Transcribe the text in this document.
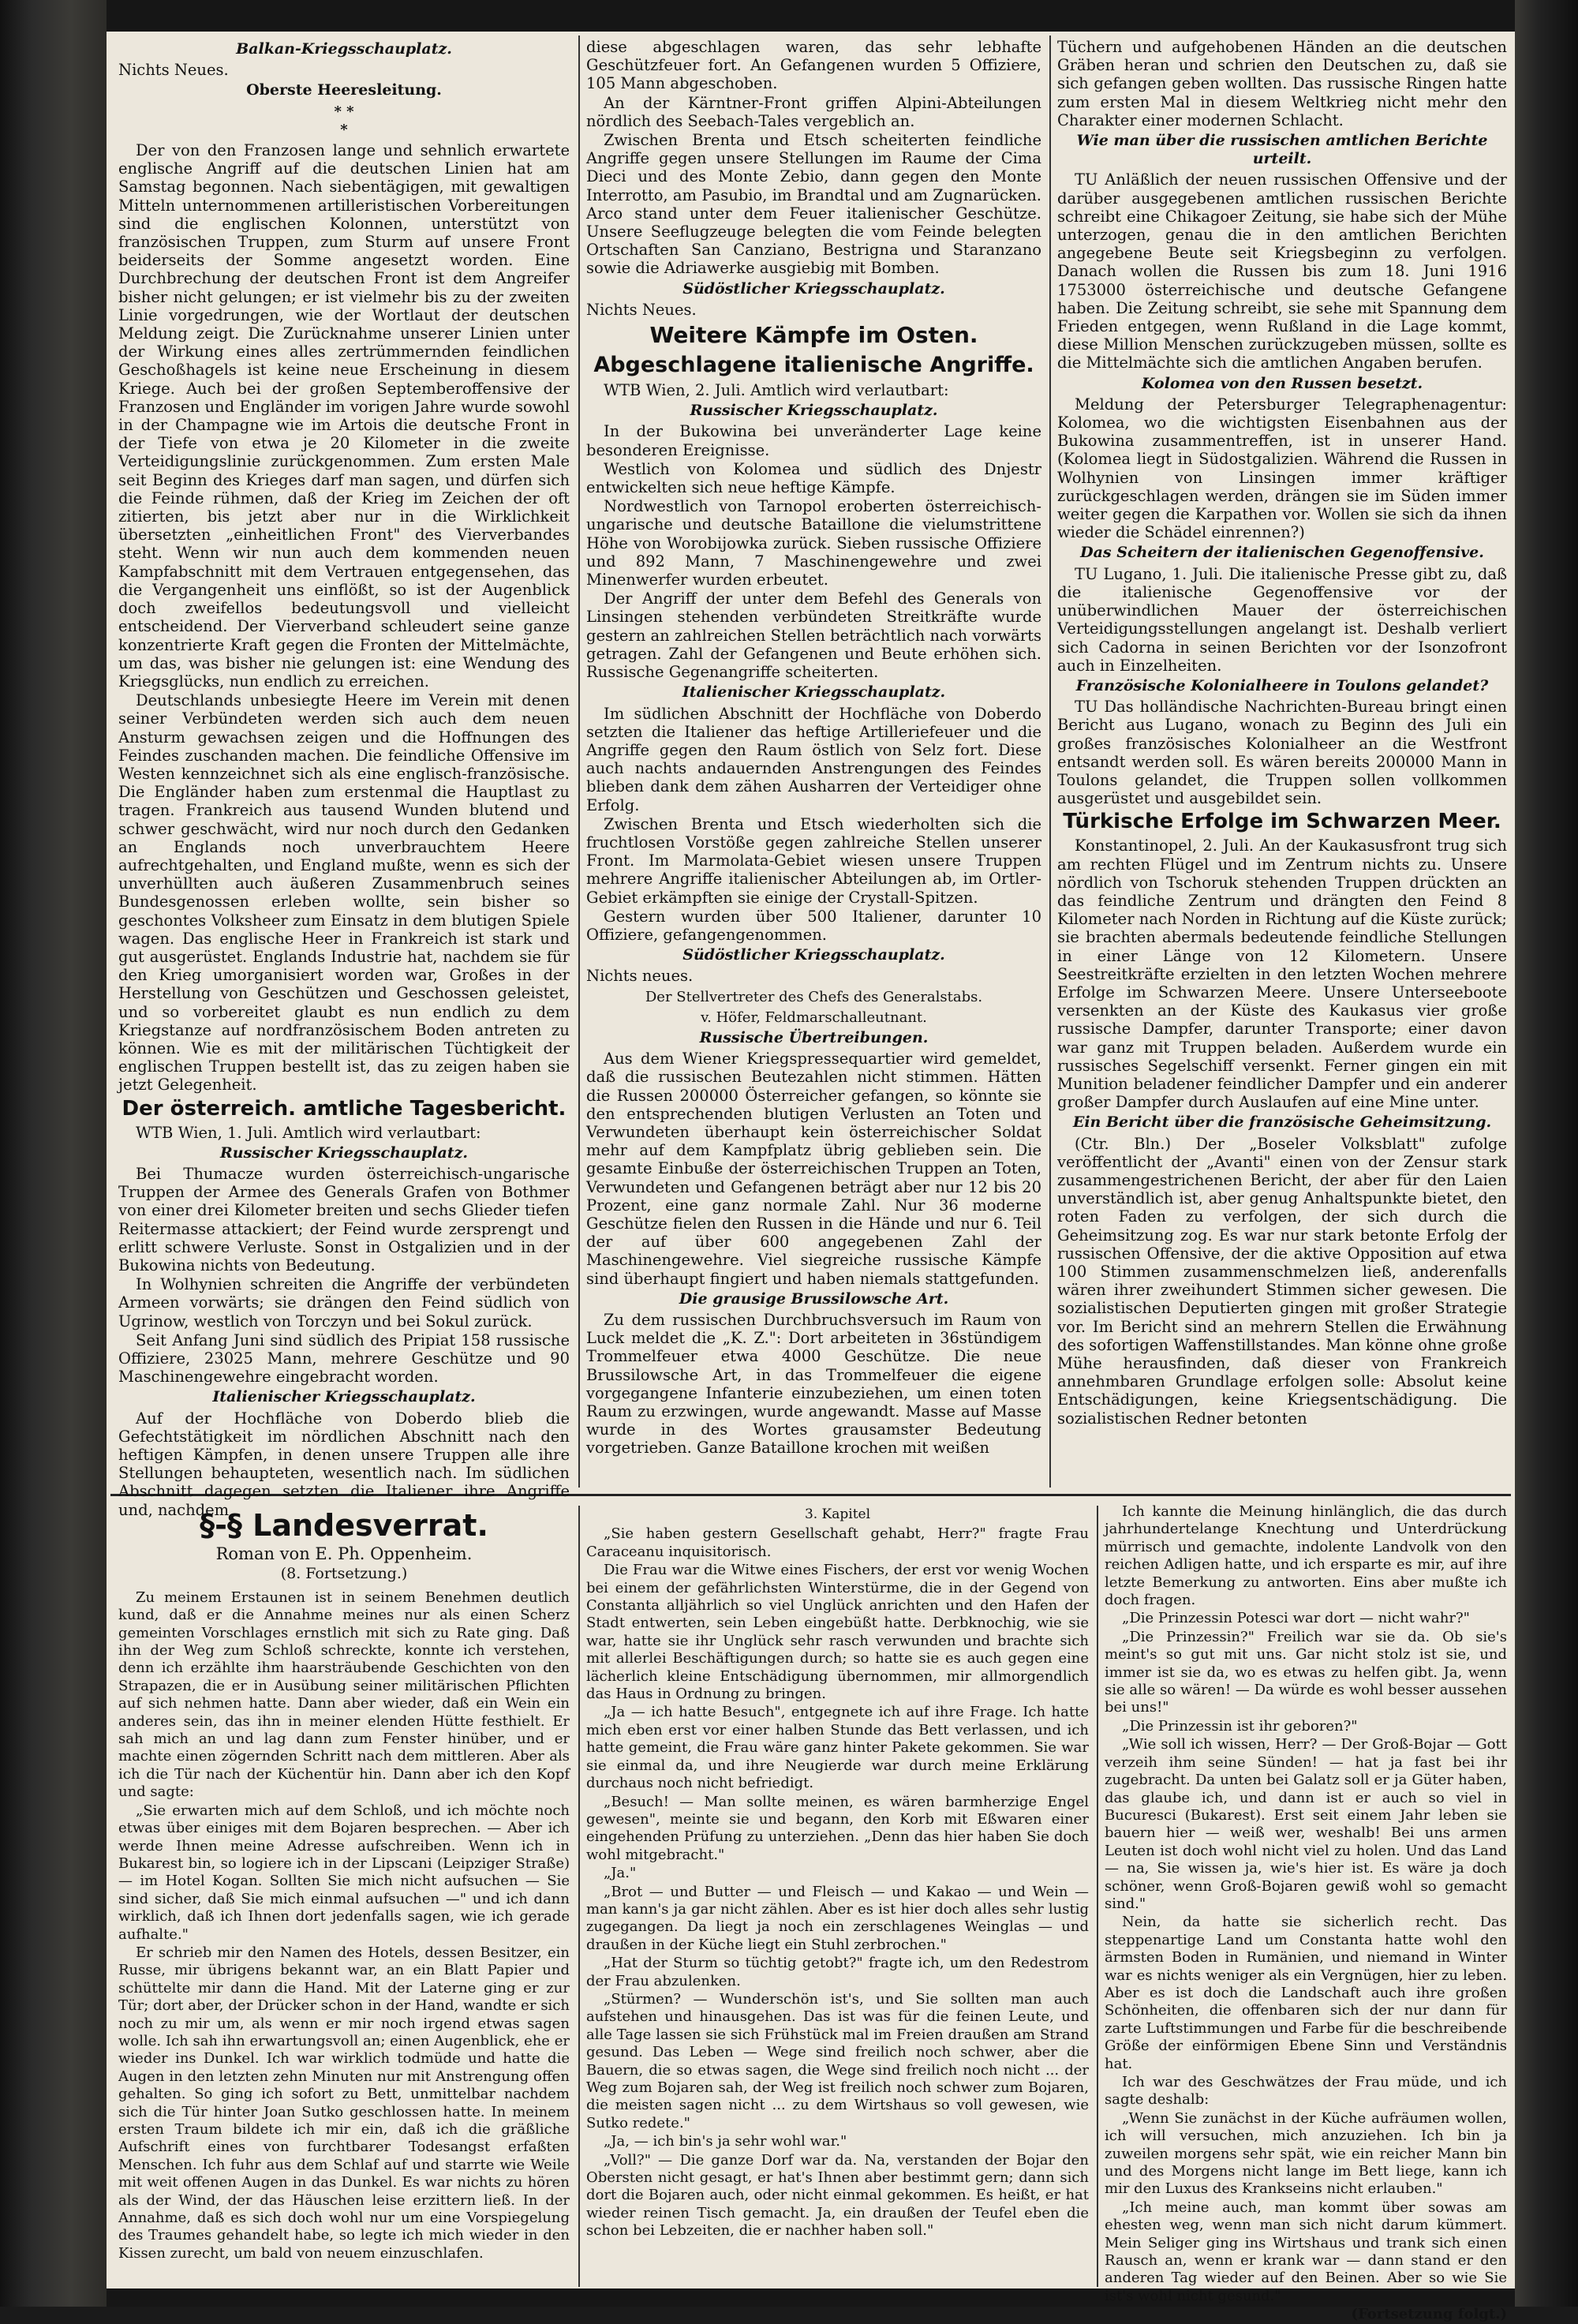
Balkan-Kriegsschauplatz.

Nichts Neues.

Oberste Heeresleitung.
* *
*

Der von den Franzosen lange und sehnlich erwartete englische Angriff auf die deutschen Linien hat am Samstag begonnen. Nach siebentägigen, mit gewaltigen Mitteln unternommenen artilleristischen Vorbereitungen sind die englischen Kolonnen, unterstützt von französischen Truppen, zum Sturm auf unsere Front beiderseits der Somme angesetzt worden. Eine Durchbrechung der deutschen Front ist dem Angreifer bisher nicht gelungen; er ist vielmehr bis zu der zweiten Linie vorgedrungen, wie der Wortlaut der deutschen Meldung zeigt. Die Zurücknahme unserer Linien unter der Wirkung eines alles zertrümmernden feindlichen Geschoßhagels ist keine neue Erscheinung in diesem Kriege. Auch bei der großen Septemberoffensive der Franzosen und Engländer im vorigen Jahre wurde sowohl in der Champagne wie im Artois die deutsche Front in der Tiefe von etwa je 20 Kilometer in die zweite Verteidigungslinie zurückgenommen. Zum ersten Male seit Beginn des Krieges darf man sagen, und dürfen sich die Feinde rühmen, daß der Krieg im Zeichen der oft zitierten, bis jetzt aber nur in die Wirklichkeit übersetzten „einheitlichen Front" des Vierverbandes steht. Wenn wir nun auch dem kommenden neuen Kampfabschnitt mit dem Vertrauen entgegensehen, das die Vergangenheit uns einflößt, so ist der Augenblick doch zweifellos bedeutungsvoll und vielleicht entscheidend. Der Vierverband schleudert seine ganze konzentrierte Kraft gegen die Fronten der Mittelmächte, um das, was bisher nie gelungen ist: eine Wendung des Kriegsglücks, nun endlich zu erreichen.

Deutschlands unbesiegte Heere im Verein mit denen seiner Verbündeten werden sich auch dem neuen Ansturm gewachsen zeigen und die Hoffnungen des Feindes zuschanden machen. Die feindliche Offensive im Westen kennzeichnet sich als eine englisch-französische. Die Engländer haben zum erstenmal die Hauptlast zu tragen. Frankreich aus tausend Wunden blutend und schwer geschwächt, wird nur noch durch den Gedanken an Englands noch unverbrauchtem Heere aufrechtgehalten, und England mußte, wenn es sich der unverhüllten auch äußeren Zusammenbruch seines Bundesgenossen erleben wollte, sein bisher so geschontes Volksheer zum Einsatz in dem blutigen Spiele wagen. Das englische Heer in Frankreich ist stark und gut ausgerüstet. Englands Industrie hat, nachdem sie für den Krieg umorganisiert worden war, Großes in der Herstellung von Geschützen und Geschossen geleistet, und so vorbereitet glaubt es nun endlich zu dem Kriegstanze auf nordfranzösischem Boden antreten zu können. Wie es mit der militärischen Tüchtigkeit der englischen Truppen bestellt ist, das zu zeigen haben sie jetzt Gelegenheit.

Der österreich. amtliche Tagesbericht.

WTB Wien, 1. Juli. Amtlich wird verlautbart:

Russischer Kriegsschauplatz.

Bei Thumacze wurden österreichisch-ungarische Truppen der Armee des Generals Grafen von Bothmer von einer drei Kilometer breiten und sechs Glieder tiefen Reitermasse attackiert; der Feind wurde zersprengt und erlitt schwere Verluste. Sonst in Ostgalizien und in der Bukowina nichts von Bedeutung.

In Wolhynien schreiten die Angriffe der verbündeten Armeen vorwärts; sie drängen den Feind südlich von Ugrinow, westlich von Torczyn und bei Sokul zurück.

Seit Anfang Juni sind südlich des Pripiat 158 russische Offiziere, 23025 Mann, mehrere Geschütze und 90 Maschinengewehre eingebracht worden.

Italienischer Kriegsschauplatz.

Auf der Hochfläche von Doberdo blieb die Gefechtstätigkeit im nördlichen Abschnitt nach den heftigen Kämpfen, in denen unsere Truppen alle ihre Stellungen behaupteten, wesentlich nach. Im südlichen Abschnitt dagegen setzten die Italiener ihre Angriffe und, nachdem

diese abgeschlagen waren, das sehr lebhafte Geschützfeuer fort. An Gefangenen wurden 5 Offiziere, 105 Mann abgeschoben.

An der Kärntner-Front griffen Alpini-Abteilungen nördlich des Seebach-Tales vergeblich an.

Zwischen Brenta und Etsch scheiterten feindliche Angriffe gegen unsere Stellungen im Raume der Cima Dieci und des Monte Zebio, dann gegen den Monte Interrotto, am Pasubio, im Brandtal und am Zugnarücken. Arco stand unter dem Feuer italienischer Geschütze. Unsere Seeflugzeuge belegten die vom Feinde belegten Ortschaften San Canziano, Bestrigna und Staranzano sowie die Adriawerke ausgiebig mit Bomben.

Südöstlicher Kriegsschauplatz.

Nichts Neues.

Weitere Kämpfe im Osten.
Abgeschlagene italienische Angriffe.

WTB Wien, 2. Juli. Amtlich wird verlautbart:

Russischer Kriegsschauplatz.

In der Bukowina bei unveränderter Lage keine besonderen Ereignisse.

Westlich von Kolomea und südlich des Dnjestr entwickelten sich neue heftige Kämpfe.

Nordwestlich von Tarnopol eroberten österreichisch-ungarische und deutsche Bataillone die vielumstrittene Höhe von Worobijowka zurück. Sieben russische Offiziere und 892 Mann, 7 Maschinengewehre und zwei Minenwerfer wurden erbeutet.

Der Angriff der unter dem Befehl des Generals von Linsingen stehenden verbündeten Streitkräfte wurde gestern an zahlreichen Stellen beträchtlich nach vorwärts getragen. Zahl der Gefangenen und Beute erhöhen sich. Russische Gegenangriffe scheiterten.

Italienischer Kriegsschauplatz.

Im südlichen Abschnitt der Hochfläche von Doberdo setzten die Italiener das heftige Artilleriefeuer und die Angriffe gegen den Raum östlich von Selz fort. Diese auch nachts andauernden Anstrengungen des Feindes blieben dank dem zähen Ausharren der Verteidiger ohne Erfolg.

Zwischen Brenta und Etsch wiederholten sich die fruchtlosen Vorstöße gegen zahlreiche Stellen unserer Front. Im Marmolata-Gebiet wiesen unsere Truppen mehrere Angriffe italienischer Abteilungen ab, im Ortler-Gebiet erkämpften sie einige der Crystall-Spitzen.

Gestern wurden über 500 Italiener, darunter 10 Offiziere, gefangengenommen.

Südöstlicher Kriegsschauplatz.

Nichts neues.

Der Stellvertreter des Chefs des Generalstabs.
v. Höfer, Feldmarschalleutnant.
Russische Übertreibungen.

Aus dem Wiener Kriegspressequartier wird gemeldet, daß die russischen Beutezahlen nicht stimmen. Hätten die Russen 200000 Österreicher gefangen, so könnte sie den entsprechenden blutigen Verlusten an Toten und Verwundeten überhaupt kein österreichischer Soldat mehr auf dem Kampfplatz übrig geblieben sein. Die gesamte Einbuße der österreichischen Truppen an Toten, Verwundeten und Gefangenen beträgt aber nur 12 bis 20 Prozent, eine ganz normale Zahl. Nur 36 moderne Geschütze fielen den Russen in die Hände und nur 6. Teil der auf über 600 angegebenen Zahl der Maschinengewehre. Viel siegreiche russische Kämpfe sind überhaupt fingiert und haben niemals stattgefunden.

Die grausige Brussilowsche Art.

Zu dem russischen Durchbruchsversuch im Raum von Luck meldet die „K. Z.": Dort arbeiteten in 36stündigem Trommelfeuer etwa 4000 Geschütze. Die neue Brussilowsche Art, in das Trommelfeuer die eigene vorgegangene Infanterie einzubeziehen, um einen toten Raum zu erzwingen, wurde angewandt. Masse auf Masse wurde in des Wortes grausamster Bedeutung vorgetrieben. Ganze Bataillone krochen mit weißen

Tüchern und aufgehobenen Händen an die deutschen Gräben heran und schrien den Deutschen zu, daß sie sich gefangen geben wollten. Das russische Ringen hatte zum ersten Mal in diesem Weltkrieg nicht mehr den Charakter einer modernen Schlacht.

Wie man über die russischen amtlichen Berichte urteilt.

TU Anläßlich der neuen russischen Offensive und der darüber ausgegebenen amtlichen russischen Berichte schreibt eine Chikagoer Zeitung, sie habe sich der Mühe unterzogen, genau die in den amtlichen Berichten angegebene Beute seit Kriegsbeginn zu verfolgen. Danach wollen die Russen bis zum 18. Juni 1916 1753000 österreichische und deutsche Gefangene haben. Die Zeitung schreibt, sie sehe mit Spannung dem Frieden entgegen, wenn Rußland in die Lage kommt, diese Million Menschen zurückzugeben müssen, sollte es die Mittelmächte sich die amtlichen Angaben berufen.

Kolomea von den Russen besetzt.

Meldung der Petersburger Telegraphenagentur: Kolomea, wo die wichtigsten Eisenbahnen aus der Bukowina zusammentreffen, ist in unserer Hand. (Kolomea liegt in Südostgalizien. Während die Russen in Wolhynien von Linsingen immer kräftiger zurückgeschlagen werden, drängen sie im Süden immer weiter gegen die Karpathen vor. Wollen sie sich da ihnen wieder die Schädel einrennen?)

Das Scheitern der italienischen Gegenoffensive.

TU Lugano, 1. Juli. Die italienische Presse gibt zu, daß die italienische Gegenoffensive vor der unüberwindlichen Mauer der österreichischen Verteidigungsstellungen angelangt ist. Deshalb verliert sich Cadorna in seinen Berichten vor der Isonzofront auch in Einzelheiten.

Französische Kolonialheere in Toulons gelandet?

TU Das holländische Nachrichten-Bureau bringt einen Bericht aus Lugano, wonach zu Beginn des Juli ein großes französisches Kolonialheer an die Westfront entsandt werden soll. Es wären bereits 200000 Mann in Toulons gelandet, die Truppen sollen vollkommen ausgerüstet und ausgebildet sein.

Türkische Erfolge im Schwarzen Meer.

Konstantinopel, 2. Juli. An der Kaukasusfront trug sich am rechten Flügel und im Zentrum nichts zu. Unsere nördlich von Tschoruk stehenden Truppen drückten an das feindliche Zentrum und drängten den Feind 8 Kilometer nach Norden in Richtung auf die Küste zurück; sie brachten abermals bedeutende feindliche Stellungen in einer Länge von 12 Kilometern. Unsere Seestreitkräfte erzielten in den letzten Wochen mehrere Erfolge im Schwarzen Meere. Unsere Unterseeboote versenkten an der Küste des Kaukasus vier große russische Dampfer, darunter Transporte; einer davon war ganz mit Truppen beladen. Außerdem wurde ein russisches Segelschiff versenkt. Ferner gingen ein mit Munition beladener feindlicher Dampfer und ein anderer großer Dampfer durch Auslaufen auf eine Mine unter.

Ein Bericht über die französische Geheimsitzung.

(Ctr. Bln.) Der „Boseler Volksblatt" zufolge veröffentlicht der „Avanti" einen von der Zensur stark zusammengestrichenen Bericht, der aber für den Laien unverständlich ist, aber genug Anhaltspunkte bietet, den roten Faden zu verfolgen, der sich durch die Geheimsitzung zog. Es war nur stark betonte Erfolg der russischen Offensive, der die aktive Opposition auf etwa 100 Stimmen zusammenschmelzen ließ, anderenfalls wären ihrer zweihundert Stimmen sicher gewesen. Die sozialistischen Deputierten gingen mit großer Strategie vor. Im Bericht sind an mehrern Stellen die Erwähnung des sofortigen Waffenstillstandes. Man könne ohne große Mühe herausfinden, daß dieser von Frankreich annehmbaren Grundlage erfolgen solle: Absolut keine Entschädigungen, keine Kriegsentschädigung. Die sozialistischen Redner betonten

§-§ Landesverrat.
Roman von E. Ph. Oppenheim.
(8. Fortsetzung.)

Zu meinem Erstaunen ist in seinem Benehmen deutlich kund, daß er die Annahme meines nur als einen Scherz gemeinten Vorschlages ernstlich mit sich zu Rate ging. Daß ihn der Weg zum Schloß schreckte, konnte ich verstehen, denn ich erzählte ihm haarsträubende Geschichten von den Strapazen, die er in Ausübung seiner militärischen Pflichten auf sich nehmen hatte. Dann aber wieder, daß ein Wein ein anderes sein, das ihn in meiner elenden Hütte festhielt. Er sah mich an und lag dann zum Fenster hinüber, und er machte einen zögernden Schritt nach dem mittleren. Aber als ich die Tür nach der Küchentür hin. Dann aber ich den Kopf und sagte:

„Sie erwarten mich auf dem Schloß, und ich möchte noch etwas über einiges mit dem Bojaren besprechen. — Aber ich werde Ihnen meine Adresse aufschreiben. Wenn ich in Bukarest bin, so logiere ich in der Lipscani (Leipziger Straße) — im Hotel Kogan. Sollten Sie mich nicht aufsuchen — Sie sind sicher, daß Sie mich einmal aufsuchen —" und ich dann wirklich, daß ich Ihnen dort jedenfalls sagen, wie ich gerade aufhalte."

Er schrieb mir den Namen des Hotels, dessen Besitzer, ein Russe, mir übrigens bekannt war, an ein Blatt Papier und schüttelte mir dann die Hand. Mit der Laterne ging er zur Tür; dort aber, der Drücker schon in der Hand, wandte er sich noch zu mir um, als wenn er mir noch irgend etwas sagen wolle. Ich sah ihn erwartungsvoll an; einen Augenblick, ehe er wieder ins Dunkel. Ich war wirklich todmüde und hatte die Augen in den letzten zehn Minuten nur mit Anstrengung offen gehalten. So ging ich sofort zu Bett, unmittelbar nachdem sich die Tür hinter Joan Sutko geschlossen hatte. In meinem ersten Traum bildete ich mir ein, daß ich die gräßliche Aufschrift eines von furchtbarer Todesangst erfaßten Menschen. Ich fuhr aus dem Schlaf auf und starrte wie Weile mit weit offenen Augen in das Dunkel. Es war nichts zu hören als der Wind, der das Häuschen leise erzittern ließ. In der Annahme, daß es sich doch wohl nur um eine Vorspiegelung des Traumes gehandelt habe, so legte ich mich wieder in den Kissen zurecht, um bald von neuem einzuschlafen.

3. Kapitel

„Sie haben gestern Gesellschaft gehabt, Herr?" fragte Frau Caraceanu inquisitorisch.

Die Frau war die Witwe eines Fischers, der erst vor wenig Wochen bei einem der gefährlichsten Winterstürme, die in der Gegend von Constanta alljährlich so viel Unglück anrichten und den Hafen der Stadt entwerten, sein Leben eingebüßt hatte. Derbknochig, wie sie war, hatte sie ihr Unglück sehr rasch verwunden und brachte sich mit allerlei Beschäftigungen durch; so hatte sie es auch gegen eine lächerlich kleine Entschädigung übernommen, mir allmorgendlich das Haus in Ordnung zu bringen.

„Ja — ich hatte Besuch", entgegnete ich auf ihre Frage. Ich hatte mich eben erst vor einer halben Stunde das Bett verlassen, und ich hatte gemeint, die Frau wäre ganz hinter Pakete gekommen. Sie war sie einmal da, und ihre Neugierde war durch meine Erklärung durchaus noch nicht befriedigt.

„Besuch! — Man sollte meinen, es wären barmherzige Engel gewesen", meinte sie und begann, den Korb mit Eßwaren einer eingehenden Prüfung zu unterziehen. „Denn das hier haben Sie doch wohl mitgebracht."

„Ja."

„Brot — und Butter — und Fleisch — und Kakao — und Wein — man kann's ja gar nicht zählen. Aber es ist hier doch alles sehr lustig zugegangen. Da liegt ja noch ein zerschlagenes Weinglas — und draußen in der Küche liegt ein Stuhl zerbrochen."

„Hat der Sturm so tüchtig getobt?" fragte ich, um den Redestrom der Frau abzulenken.

„Stürmen? — Wunderschön ist's, und Sie sollten man auch aufstehen und hinausgehen. Das ist was für die feinen Leute, und alle Tage lassen sie sich Frühstück mal im Freien draußen am Strand gesund. Das Leben — Wege sind freilich noch schwer, aber die Bauern, die so etwas sagen, die Wege sind freilich noch nicht ... der Weg zum Bojaren sah, der Weg ist freilich noch schwer zum Bojaren, die meisten sagen nicht ... zu dem Wirtshaus so voll gewesen, wie Sutko redete."

„Ja, — ich bin's ja sehr wohl war."

„Voll?" — Die ganze Dorf war da. Na, verstanden der Bojar den Obersten nicht gesagt, er hat's Ihnen aber bestimmt gern; dann sich dort die Bojaren auch, oder nicht einmal gekommen. Es heißt, er hat wieder reinen Tisch gemacht. Ja, ein draußen der Teufel eben die schon bei Lebzeiten, die er nachher haben soll."

Ich kannte die Meinung hinlänglich, die das durch jahrhundertelange Knechtung und Unterdrückung mürrisch und gemachte, indolente Landvolk von den reichen Adligen hatte, und ich ersparte es mir, auf ihre letzte Bemerkung zu antworten. Eins aber mußte ich doch fragen.

„Die Prinzessin Potesci war dort — nicht wahr?"

„Die Prinzessin?" Freilich war sie da. Ob sie's meint's so gut mit uns. Gar nicht stolz ist sie, und immer ist sie da, wo es etwas zu helfen gibt. Ja, wenn sie alle so wären! — Da würde es wohl besser aussehen bei uns!"

„Die Prinzessin ist ihr geboren?"

„Wie soll ich wissen, Herr? — Der Groß-Bojar — Gott verzeih ihm seine Sünden! — hat ja fast bei ihr zugebracht. Da unten bei Galatz soll er ja Güter haben, das glaube ich, und dann ist er auch so viel in Bucuresci (Bukarest). Erst seit einem Jahr leben sie bauern hier — weiß wer, weshalb! Bei uns armen Leuten ist doch wohl nicht viel zu holen. Und das Land — na, Sie wissen ja, wie's hier ist. Es wäre ja doch schöner, wenn Groß-Bojaren gewiß wohl so gemacht sind."

Nein, da hatte sie sicherlich recht. Das steppenartige Land um Constanta hatte wohl den ärmsten Boden in Rumänien, und niemand in Winter war es nichts weniger als ein Vergnügen, hier zu leben. Aber es ist doch die Landschaft auch ihre großen Schönheiten, die offenbaren sich der nur dann für zarte Luftstimmungen und Farbe für die beschreibende Größe der einförmigen Ebene Sinn und Verständnis hat.

Ich war des Geschwätzes der Frau müde, und ich sagte deshalb:

„Wenn Sie zunächst in der Küche aufräumen wollen, ich will versuchen, mich anzuziehen. Ich bin ja zuweilen morgens sehr spät, wie ein reicher Mann bin und des Morgens nicht lange im Bett liege, kann ich mir den Luxus des Krankseins nicht erlauben."

„Ich meine auch, man kommt über sowas am ehesten weg, wenn man sich nicht darum kümmert. Mein Seliger ging ins Wirtshaus und trank sich einen Rausch an, wenn er krank war — dann stand er den anderen Tag wieder auf den Beinen. Aber so wie Sie ist's wohl nicht gesund."

(Fortsetzung folgt.)
